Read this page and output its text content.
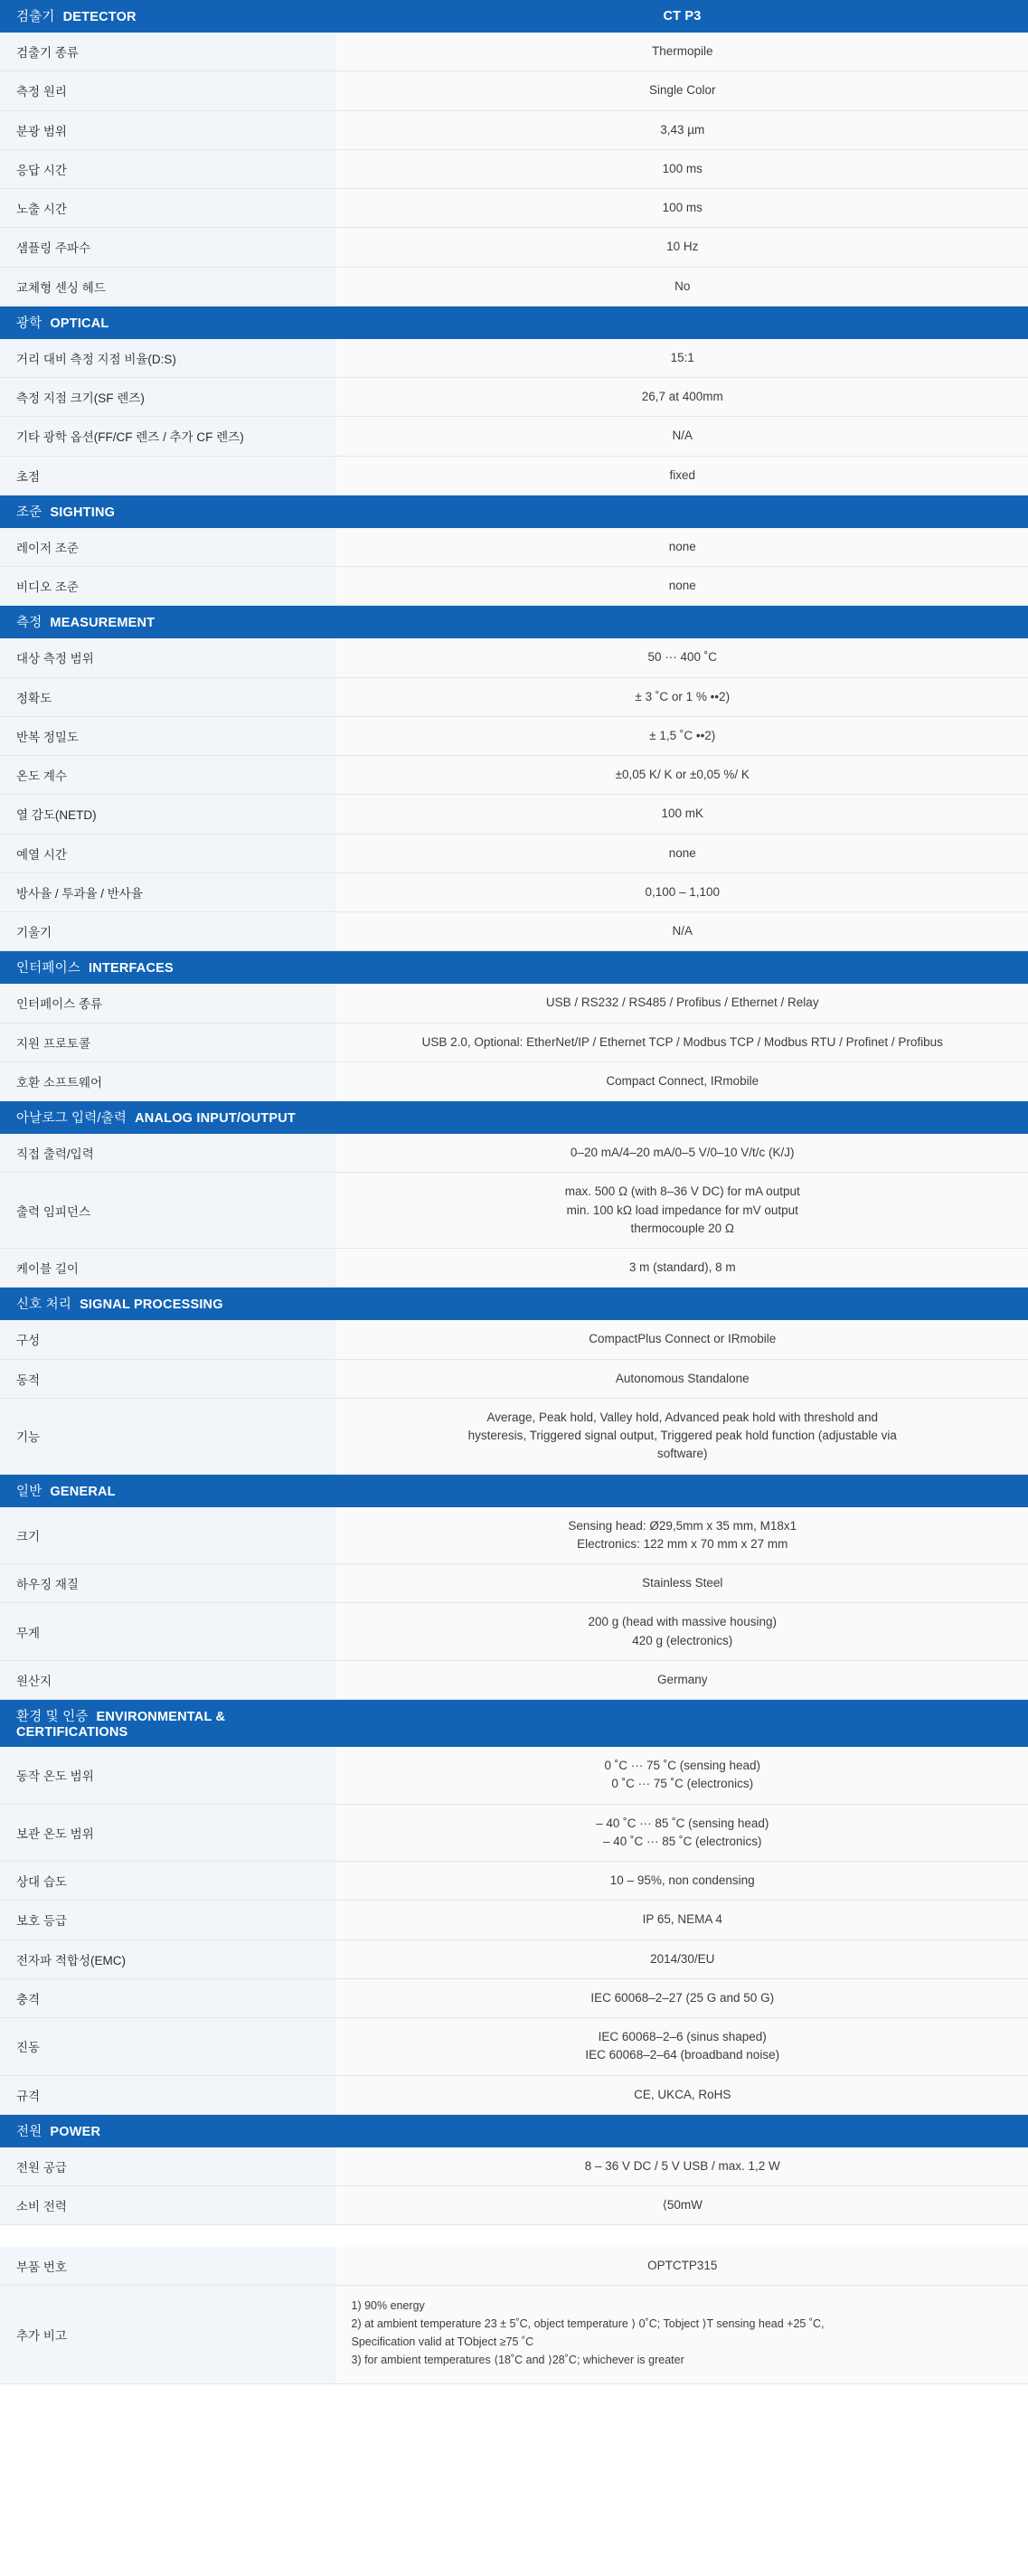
검출기 DETECTOR	CT P3
검출기 종류	Thermopile

측정 원리	Single Color

분광 범위	3,43 µm

응답 시간	100 ms

노출 시간	100 ms

샘플링 주파수	10 Hz

교체형 센싱 헤드	No

광학 OPTICAL	
거리 대비 측정 지점 비율(D:S)	15:1

측정 지점 크기(SF 렌즈)	26,7 at 400mm

기타 광학 옵션(FF/CF 렌즈 / 추가 CF 렌즈)	N/A

초점	fixed

조준 SIGHTING	
레이저 조준	none

비디오 조준	none

측정 MEASUREMENT	
대상 측정 범위	50 ··· 400 ˚C

정확도	± 3 ˚C or 1 % ••2)

반복 정밀도	± 1,5 ˚C ••2)

온도 계수	±0,05 K/ K or ±0,05 %/ K

열 감도(NETD)	100 mK

예열 시간	none

방사율 / 투과율 / 반사율	0,100 – 1,100

기울기	N/A

인터페이스 INTERFACES	
인터페이스 종류	USB / RS232 / RS485 / Profibus / Ethernet / Relay

지원 프로토콜	USB 2.0, Optional: EtherNet/IP / Ethernet TCP / Modbus TCP / Modbus RTU / Profinet / Profibus

호환 소프트웨어	Compact Connect, IRmobile

아날로그 입력/출력 ANALOG INPUT/OUTPUT	
직접 출력/입력	0–20 mA/4–20 mA/0–5 V/0–10 V/t/c (K/J)

출력 임피던스	max. 500 Ω (with 8–36 V DC) for mA output
min. 100 kΩ load impedance for mV output
thermocouple 20 Ω

케이블 길이	3 m (standard), 8 m

신호 처리 SIGNAL PROCESSING	
구성	CompactPlus Connect or IRmobile

동적	Autonomous Standalone

기능	Average, Peak hold, Valley hold, Advanced peak hold with threshold and
hysteresis, Triggered signal output, Triggered peak hold function (adjustable via
software)

일반 GENERAL	
크기	Sensing head: Ø29,5mm x 35 mm, M18x1
Electronics: 122 mm x 70 mm x 27 mm

하우징 재질	Stainless Steel

무게	200 g (head with massive housing)
420 g (electronics)

원산지	Germany

환경 및 인증 ENVIRONMENTAL & CERTIFICATIONS	
동작 온도 범위	0 ˚C ··· 75 ˚C (sensing head)
0 ˚C ··· 75 ˚C (electronics)

보관 온도 범위	– 40 ˚C ··· 85 ˚C (sensing head)
– 40 ˚C ··· 85 ˚C (electronics)

상대 습도	10 – 95%, non condensing

보호 등급	IP 65, NEMA 4

전자파 적합성(EMC)	2014/30/EU

충격	IEC 60068–2–27 (25 G and 50 G)

진동	IEC 60068–2–6 (sinus shaped)
IEC 60068–2–64 (broadband noise)

규격	CE, UKCA, RoHS

전원 POWER	
전원 공급	8 – 36 V DC / 5 V USB / max. 1,2 W

소비 전력	⟨50mW

부품 번호	OPTCTP315

추가 비고	1) 90% energy
2) at ambient temperature 23 ± 5˚C, object temperature ⟩ 0˚C; Tobject ⟩T sensing head +25 ˚C,
Specification valid at TObject ≥75 ˚C
3) for ambient temperatures ⟨18˚C and ⟩28˚C; whichever is greater
